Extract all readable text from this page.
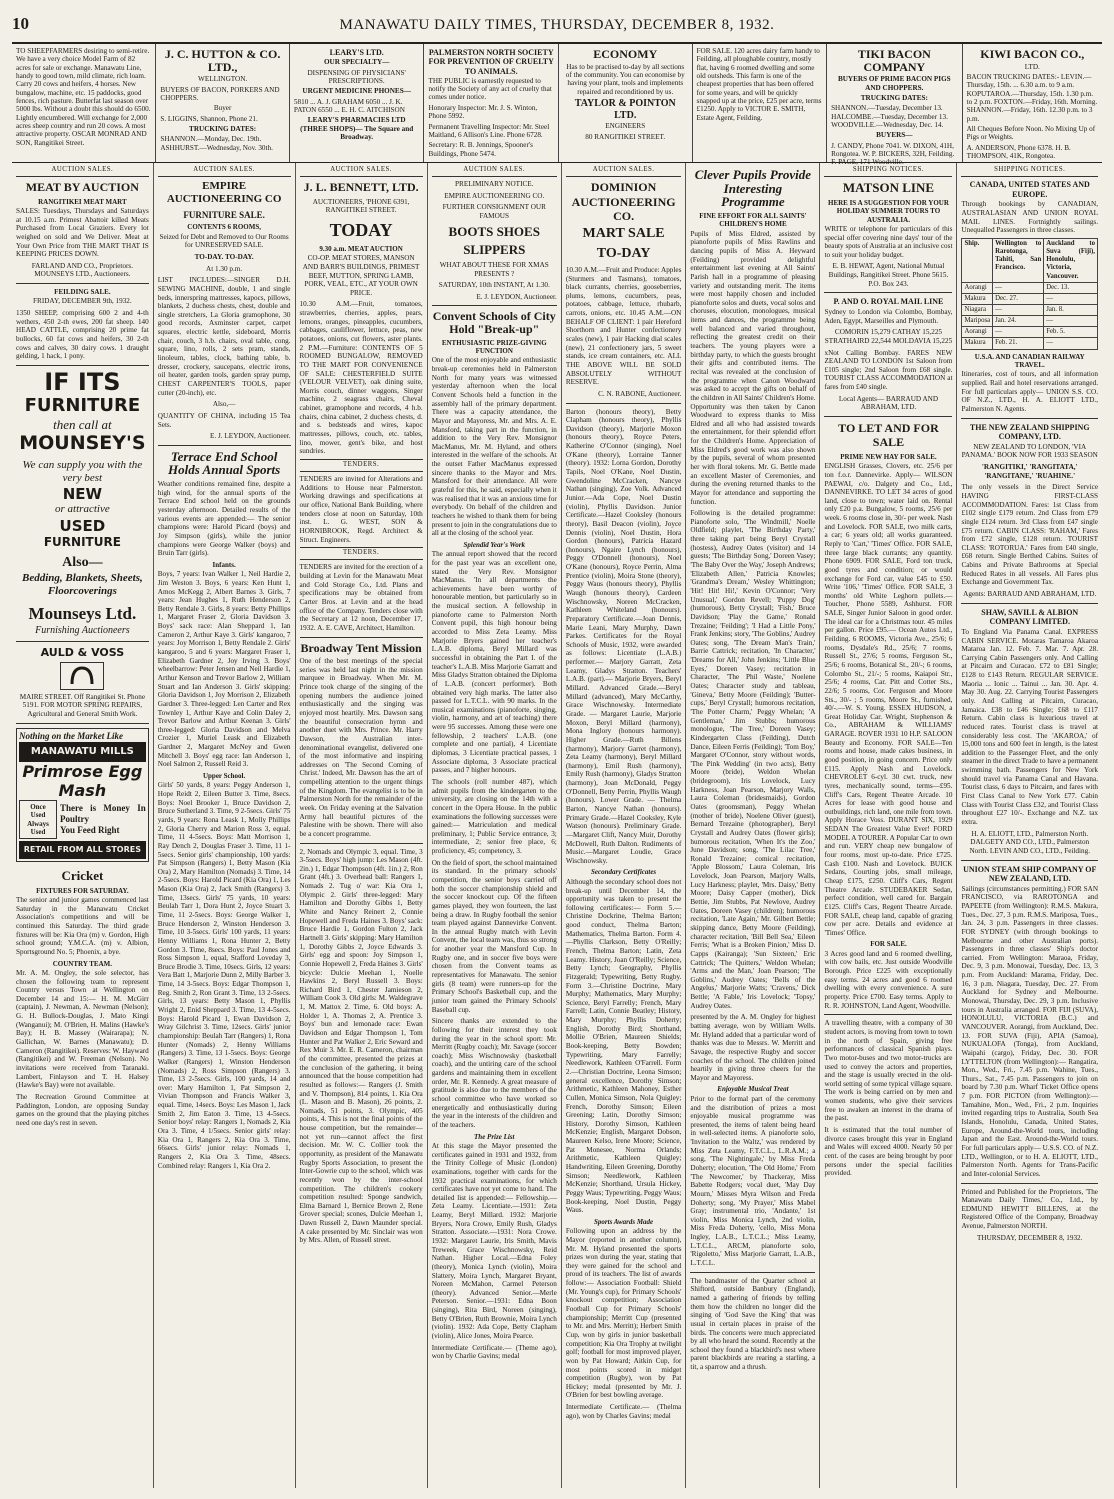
10	MANAWATU DAILY TIMES, THURSDAY, DECEMBER 8, 1932.

TO SHEEPFARMERS desiring to semi-retire. We have a very choice Model Farm of 82 acres for sale or exchange. Manawatu Line, handy to good town, mild climate, rich loam. Carry 20 cows and heifers, 4 horses. New bungalow, machine, etc. 15 paddocks, good fences, rich pasture. Butterfat last season over 5000 lbs. Without a doubt this should do 6500. Lightly encumbered. Will exchange for 2,000 acres sheep country and run 20 cows. A most attractive property. OSCAR MONRAD AND SON, Rangitikei Street.

J. C. HUTTON & CO. LTD.,

WELLINGTON.

BUYERS OF BACON, PORKERS AND CHOPPERS.

Buyer

S. LIGGINS, Shannon, Phone 21.

TRUCKING DATES:

SHANNON.—Monday, Dec. 19th. ASHHURST.—Wednesday, Nov. 30th.

LEARY'S LTD.

OUR SPECIALTY—

DISPENSING OF PHYSICIANS' PRESCRIPTIONS.

URGENT MEDICINE PHONES—

5810 ... A. J. GRAHAM 6050 ... J. K. PATON 6550 ... E. H. C. AITCHISON

LEARY'S PHARMACIES LTD (THREE SHOPS)— The Square and Broadway.

PALMERSTON NORTH SOCIETY FOR PREVENTION OF CRUELTY TO ANIMALS.

THE PUBLIC is earnestly requested to notify the Society of any act of cruelty that comes under notice.

Honorary Inspector: Mr. J. S. Winton, Phone 5992.

Permanent Travelling Inspector: Mr. Steel Maitland, 6 Allison's Line. Phone 6728.

Secretary: R. B. Jennings, Spooner's Buildings, Phone 5474.

ECONOMY

Has to be practised to-day by all sections of the community. You can economise by having your plant, tools and implements repaired and reconditioned by us.

TAYLOR & POINTON LTD.

ENGINEERS

80 RANGITIKEI STREET.

FOR SALE. 120 acres dairy farm handy to Feilding, all ploughable country, mostly flat, having 6 roomed dwelling and some old outsheds. This farm is one of the cheapest properties that has been offered for some years, and will be quickly snapped up at the price, £25 per acre, terms £1250. Apply to VICTOR E. SMITH, Estate Agent, Feilding.

TIKI BACON COMPANY

BUYERS OF PRIME BACON PIGS AND CHOPPERS.

TRUCKING DATES:

SHANNON.—Tuesday, December 13. HALCOMBE.—Tuesday, December 13. WOODVILLE.—Wednesday, Dec. 14.

BUYERS—

J. CANDY, Phone 7041. W. DIXON, 41H, Rongotea. W. P. BICKERS, 32H, Feilding. F. PAGE, 171 Woodville.

KIWI BACON CO.,

LTD.

BACON TRUCKING DATES:- LEVIN.—Thursday, 15th. ... 6.30 a.m. to 9 a.m. KOPUTAROA.—Thursday, 15th. 1.30 p.m. to 2 p.m. FOXTON.—Friday, 16th. Morning. SHANNON.—Friday, 16th. 12.30 p.m. to 3 p.m.

All Cheques Before Noon. No Mixing Up of Pigs or Weights.

A. ANDERSON, Phone 6378. H. B. THOMPSON, 41K, Rongotea.

AUCTION SALES.
MEAT BY AUCTION
RANGITIKEI MEAT MART

SALES: Tuesdays, Thursdays and Saturdays at 10.15 a.m. Primest Abattoir killed Meats Purchased from Local Graziers. Every lot weighed on sold and We Deliver. Meat at Your Own Price from THE MART THAT IS KEEPING PRICES DOWN.

FARLAND AND CO., Proprietors. MOUNSEYS LTD., Auctioneers.

FEILDING SALE.

FRIDAY, DECEMBER 9th, 1932.

1350 SHEEP, comprising 600 2 and 4-th wethers, 450 2-th ewes, 200 fat sheep. 140 HEAD CATTLE, comprising 20 prime fat bullocks, 60 fat cows and heifers, 30 2-th cows and calves, 30 dairy cows. 1 draught gelding, 1 hack, 1 pony.

IF ITS
FURNITURE
then call at
MOUNSEY'S
We can supply you with the very best
NEW
or attractive
USED
FURNITURE
Also—
Bedding, Blankets, Sheets, Floorcoverings
Mounseys Ltd.
Furnishing Auctioneers
AULD & VOSS

MAIRE STREET. Off Rangitikei St. Phone 5191. FOR MOTOR SPRING REPAIRS, Agricultural and General Smith Work.

Nothing on the Market Like
MANAWATU MILLS
Primrose Egg Mash
Once Used Always Used
There is Money In Poultry
You Feed Right
RETAIL FROM ALL STORES
Cricket
FIXTURES FOR SATURDAY.

The senior and junior games commenced last Saturday in the Manawatu Cricket Association's competitions and will be continued this Saturday. The third grade fixtures will be: Kia Ora (m) v. Gordon, High school ground; Y.M.C.A. (m) v. Albion, Sportsground No. 5; Phoenix, a bye.

COUNTRY TEAM.

Mr. A. M. Ongley, the sole selector, has chosen the following team to represent Country versus Town at Wellington on December 14 and 15:— H. M. McGirr (captain), J. Newman, A. Newman (Nelson); G. H. Bullock-Douglas, J. Mato Kingi (Wanganui); M. O'Brien, H. Malins (Hawke's Bay); H. B. Massey (Wairarapa); N. Gallichan, W. Barnes (Manawatu); D. Cameron (Rangitikei). Reserves: W. Hayward (Rangitikei) and W. Freeman (Nelson). No invitations were received from Taranaki. Lambert, Finlayson and T. H. Halsey (Hawke's Bay) were not available.

The Recreation Ground Committee at Paddington, London, are opposing Sunday games on the ground that the playing pitches need one day's rest in seven.

AUCTION SALES.
EMPIRE AUCTIONEERING CO
FURNITURE SALE.
CONTENTS 6 ROOMS,

Seized for Debt and Removed to Our Rooms for UNRESERVED SALE.

TO-DAY. TO-DAY.

At 1.30 p.m.

LIST INCLUDES:—SINGER D.H. SEWING MACHINE, double, 1 and single beds, innerspring mattresses, kapocs, pillows, blankets, 2 duchess chests, chest, double and single stretchers, La Gloria gramophone, 30 good records, Axminster carpet, carpet squares, electric kettle, sideboard, Morris chair, couch, 3 h.b. chairs, oval table, cong. square, lino, rolls, 2 sets pram, stands, linoleum, tables, clock, bathing table, b. dresser, crockery, saucepans, electric irons, oil heater, garden tools, garden spray pump, CHEST CARPENTER'S TOOLS, paper cutter (20-inch), etc.

Also,—

QUANTITY OF CHINA, including 15 Tea Sets.

E. J. LEYDON, Auctioneer.

Terrace End School Holds Annual Sports

Weather conditions remained fine, despite a high wind, for the annual sports of the Terrace End school held on the grounds yesterday afternoon. Detailed results of the various events are appended:— The senior champions were: Harold Picard (boys) and Joy Simpson (girls), while the junior champions were George Walker (boys) and Bruin Tarr (girls).

Infants.

Boys, 7 years: Ivan Walker 1, Neil Hardie 2, Jim Weston 3. Boys, 6 years: Ken Hunt 1, Amos McKegg 2, Albert Barnes 3. Girls, 7 years: Jean Hughes 1, Ruth Henderson 2, Betty Rendale 3. Girls, 8 years: Betty Phillips 1, Margaret Fraser 2, Gloria Davidson 3. Boys' sack race: Alan Sheppard 1, Ian Cameron 2, Arthur Kaye 3. Girls' kangaroo, 7 years: Joy Morrison 1, Betty Rendale 2. Girls' kangaroo, 5 and 6 years: Margaret Fraser 1, Elizabeth Gardner 2, Joy Irving 3. Boys' wheelbarrow: Peter Jensen and Neil Hardie 1, Arthur Kenson and Trevor Barlow 2, William Stuart and Ian Anderson 3. Girls' skipping: Gloria Davidson 1, Joy Morrison 2, Elizabeth Gardner 3. Three-legged: Len Carter and Rex Townley 1, Arthur Kaye and Colin Daley 2, Trevor Barlow and Arthur Keenan 3. Girls' three-legged: Gloria Davidson and Melva Crozier 1, Muriel Leask and Elizabeth Gardner 2, Margaret McNey and Gwen Mitchell 3. Boys' egg race: Ian Anderson 1, Noel Salmon 2, Russell Reid 3.

Upper School.

Girls' 50 yards, 8 years: Peggy Anderson 1, Hope Reidt 2, Eileen Butter 3. Time, 8secs. Boys: Noel Brooker 1, Bruce Davidson 2, Bruce Sutherland 3. Time, 9 2-5secs. Girls' 75 yards, 9 years: Rona Leask 1, Molly Phillips 2, Gloria Cherry and Marion Ross 3, equal. Time, 11 4-5secs. Boys: Matt Morrison 1, Ray Dench 2, Douglas Fraser 3. Time, 11 1-5secs. Senior girls' championship, 100 yards: Pat Simpson (Rangers) 1, Betty Mason (Kia Ora) 2, Mary Hamilton (Nomads) 3. Time, 14 2-5secs. Boys: Harold Picard (Kia Ora) 1, Les Mason (Kia Ora) 2, Jack Smith (Rangers) 3. Time, 13secs. Girls' 75 yards, 10 years: Beulah Tarr 1, Dora Hunt 2, Joyce Stuart 3. Time, 11 2-5secs. Boys: George Walker 1, Bruce Henderson 2, Winston Henderson 3. Time, 10 3-5secs. Girls' 100 yards, 11 years: Henny Williams 1, Rona Hunter 2, Betty Gordon 3. Time, 8secs. Boys: Paul Jones and Ross Simpson 1, equal, Stafford Loveday 3, Bruce Brodie 3. Time, 10secs. Girls, 12 years: Vera Batt 1, Marjorie Dunn 2, Milly Barber 3. Time, 14 3-5secs. Boys: Edgar Thompson 1, Reg. Smith 2, Ron Grant 3. Time, 13 2-5secs. Girls, 13 years: Betty Mason 1, Phyllis Wright 2, Enid Sheppard 3. Time, 13 4-5secs. Boys: Harold Picard 1, Ewan Davidson 2, Wray Gilchrist 3. Time, 12secs. Girls' junior championship: Beulah Tarr (Rangers) 1, Rona Hunter (Nomads) 2, Henny Williams (Rangers) 3. Time, 13 1-5secs. Boys: George Walker (Rangers) 1, Winston Henderson (Nomads) 2, Ross Simpson (Rangers) 3. Time, 13 2-5secs. Girls, 100 yards, 14 and over: Mary Hamilton 1, Pat Simpson 2, Vivian Thompson and Francis Walker 3, equal. Time, 14secs. Boys: Les Mason 1, Jack Smith 2, Jim Eaton 3. Time, 13 4-5secs. Senior boys' relay: Rangers 1, Nomads 2, Kia Ora 3. Time, 4 1/5secs. Senior girls' relay: Kia Ora 1, Rangers 2, Kia Ora 3. Time, 66secs. Girls' junior relay: Nomads 1, Rangers 2, Kia Ora 3. Time, 48secs. Combined relay: Rangers 1, Kia Ora 2.

AUCTION SALES.
J. L. BENNETT, LTD.

AUCTIONEERS, 'PHONE 6391, RANGITIKEI STREET.

TODAY
9.30 a.m. MEAT AUCTION

CO-OP. MEAT STORES, MANSON AND BARR'S BUILDINGS, PRIMEST BEEF, MUTTON, SPRING LAMB, PORK, VEAL, ETC., AT YOUR OWN PRICE.

10.30 A.M.—Fruit, tomatoes, strawberries, cherries, apples, pears, lemons, oranges, pineapples, cucumbers, cabbages, cauliflower, lettuce, peas, new potatoes, onions, cut flowers, aster plants. 2 P.M.—Furniture: CONTENTS OF 5 ROOMED BUNGALOW, REMOVED TO THE MART FOR CONVENIENCE OF SALE: CHESTERFIELD SUITE (VELOUR VELVET), oak dining suite, Morris couch, dinner waggons, Singer machine, 2 seagrass chairs, Cheval cabinet, gramophone and records, 4 h.b. chairs, china cabinet, 2 duchess chests, d. and s. bedsteads and wires, kapoc mattresses, pillows, couch, etc. tables, lino, mower, gent's bike, and host sundries.

TENDERS.

TENDERS are invited for Alterations and Additions to House near Palmerston. Working drawings and specifications at our office, National Bank Building, where tenders close at noon on Saturday, 10th inst. L. G. WEST, SON & HORNIBROOK, Regd. Architect & Struct. Engineers.

TENDERS.

TENDERS are invited for the erection of a building at Levin for the Manawatu Meat and Cold Storage Co., Ltd. Plans and specifications may be obtained from Carter Bros. at Levin and at the head office of the Company. Tenders close with the Secretary at 12 noon, December 17, 1932. A. E. CAVE, Architect, Hamilton.

Broadway Tent Mission

One of the best meetings of the special series was held last night in the mission marquee in Broadway. When Mr. M. Prince took charge of the singing of the opening numbers the audience joined enthusiastically and the singing was enjoyed most heartily. Mrs. Dawson sang the beautiful consecration hymn and another duet with Mrs. Prince. Mr. Harry Dawson, the Australian inter-denominational evangelist, delivered one of the most informative and inspiring addresses on 'The Second Coming of Christ.' Indeed, Mr. Dawson has the art of compelling attention to the urgent things of the Kingdom. The evangelist is to be in Palmerston North for the remainder of the week. On Friday evening at the Salvation Army hall beautiful pictures of the Palestine with be shown. There will also be a concert programme.

2, Nomads and Olympic 3, equal. Time, 3 3-5secs. Boys' high jump: Les Mason (4ft. 2in.) 1, Edgar Thompson (4ft. 1in.) 2, Ron Grant (4ft.) 3. Overhead ball: Rangers 1, Nomads 2. Tug o' war: Kia Ora 1, Olympic 2. Girls' three-legged: Mary Hamilton and Dorothy Gibbs 1, Betty White and Nancy Reinert 2, Connie Hopewell and Freda Haines 3. Boys' sack: Bruce Hardie 1, Gordon Fulton 2, Jack Hartnell 3. Girls' skipping: Mary Hamilton 1, Dorothy Gibbs 2, Joyce Edwards 3. Girls' egg and spoon: Joy Simpson 1, Connie Hopewell 2, Freda Haines 3. Girls' bicycle: Dulcie Meehan 1, Noelle Hawkins 2, Beryl Russell 3. Boys: Richard Bird 1, Chester Jamieson 2, William Cook 3. Old girls: M. Waldegrave 1, M. Mattox 2. Time, 6. Old boys: A. Holder 1, A. Thomas 2, A. Prentice 3. Boys' bun and lemonade race: Ewan Davidson and Edgar Thompson 1, Tom Hunter and Pat Walker 2, Eric Seward and Rex Muir 3. Mr. E. R. Cameron, chairman of the committee, presented the prizes at the conclusion of the gathering, it being announced that the house competition had resulted as follows:— Rangers (J. Smith and V. Thompson), 814 points, 1. Kia Ora (L. Mason and B. Mason), 26 points, 2. Nomads, 51 points, 3. Olympic, 405 points, 4. This is not the final points of the house competition, but the remainder—not yet run—cannot affect the first decision. Mr. W. C. Collier took the opportunity, as president of the Manawatu Rugby Sports Association, to present the Inter-Gowrie cup to the school, which was recently won by the inter-school competition. The children's cookery competition resulted: Sponge sandwich, Elma Barnard 1, Bernice Brown 2, Rene Grover special; scones, Dulcie Meehan 1, Dawn Russell 2, Dawn Maunder special. A cake presented by Mr. Sinclair was won by Mrs. Allen, of Russell street.

AUCTION SALES.

PRELIMINARY NOTICE.

EMPIRE AUCTIONEERING CO.

FURTHER CONSIGNMENT OUR FAMOUS

BOOTS SHOES
SLIPPERS

WHAT ABOUT THESE FOR XMAS PRESENTS ?

SATURDAY, 10th INSTANT, At 1.30.

E. J. LEYDON, Auctioneer.

Convent Schools of City Hold "Break-up"
ENTHUSIASTIC PRIZE-GIVING FUNCTION

One of the most enjoyable and enthusiastic break-up ceremonies held in Palmerston North for many years was witnessed yesterday afternoon when the local Convent Schools held a function in the assembly hall of the primary department. There was a capacity attendance, the Mayor and Mayoress, Mr. and Mrs. A. E. Mansford, taking part in the function, in addition to the Very Rev. Monsignor MacManus, Mr. M. Hyland, and others interested in the welfare of the schools. At the outset Father MacManus expressed sincere thanks to the Mayor and Mrs. Mansford for their attendance. All were grateful for this, he said, especially when it was realised that it was an anxious time for everybody. On behalf of the children and teachers he wished to thank them for being present to join in the congratulations due to all at the closing of the school year.

Splendid Year's Work

The annual report showed that the record for the past year was an excellent one, stated the Very Rev. Monsignor MacManus. 'In all departments the achievements have been worthy of honourable mention, but particularly so in the musical section. A fellowship in pianoforte came to Palmerston North Convent pupil, this high honour being accorded to Miss Zeta Leamy. Miss Marjorie Bryers gained her teacher's L.A.B. diploma, Beryl Millard was successful in obtaining the Part I. of the teacher's L.A.B. Miss Marjorie Garratt and Miss Gladys Stratton obtained the Diploma of L.A.B. (concert performer). Both obtained very high marks. The latter also passed for L.T.C.L. with 90 marks. In the musical examinations (pianoforte, singing, violin, harmony, and art of teaching) there were 95 successes. Among these were one fellowship, 2 teachers' L.A.B. (one complete and one partial), 4 Licentiate diplomas, 3 Licentiate practical passes, 1 Associate diploma, 3 Associate practical passes, and 7 higher honours.

The schools (roll number 487), which admit pupils from the kindergarten to the university, are closing on the 14th with a concert in the Opera House. In the public examinations the following successes were gained:— Matriculation and medical preliminary, 1; Public Service entrance, 3; intermediate, 2; senior free place, 6; proficiency, 45; competency, 3.

On the field of sport, the school maintained its standard. In the primary schools' competition, the senior boys carried off both the soccer championship shield and the soccer knockout cup. Of the fifteen games played, they won fourteen, the last being a draw. In Rugby football the senior team played against Dannevirke Convent. In the annual Rugby match with Levin Convent, the local team was, thus so strong for another year the Mansford Cup. In Rugby one, and in soccer five boys were chosen from the Convent teams as representatives for Manawatu. The senior girls (8 team) were runners-up for the Primary School's Basketball cup, and the junior team gained the Primary Schools' Baseball cup.

Sincere thanks are extended to the following for their interest they took during the year in the school sport: Mr. Merritt (Rugby coach); Mr. Savage (soccer coach); Miss Wischnowsky (basketball coach), and the untiring care of the school gardens and maintaining them in excellent order, Mr. R. Kennedy. A great measure of gratitude is also due to the members of the school committee who have worked so energetically and enthusiastically during the year in the interests of the children and of the teachers.

The Prize List

At this stage the Mayor presented the certificates gained in 1931 and 1932, from the Trinity College of Music (London) examinations, together with cards for the 1932 practical examinations, for which certificates have not yet come to hand. The detailed list is appended:— Fellowship.—Zeta Leamy. Licentiate.—1931: Zeta Leamy, Beryl Millard. 1932: Marjorie Bryers, Nora Crowe, Emily Rush, Gladys Stratton. Associate.—1931: Nora Crowe. 1932: Margaret Laurie, Iris Smith, Mavis Treweek, Grace Wischnowsky, Reid Nathan. Higher Local.—Edna Foley (theory), Monica Lynch (violin), Moira Slattery, Moira Lynch, Margaret Bryant, Noreen McMahon, Carmel Peterson (theory). Advanced Senior.—Merle Peterson. Senior.—1931: Edna Boon (singing), Rita Bird, Noreen (singing), Betty O'Brien, Ruth Brownie, Moira Lynch (violin). 1932: Ada Cope, Betty Clapham (violin), Alice Jones, Moira Pearce.

Intermediate Certificate.— (Theme ago), won by Charlie Gavins; medal

AUCTION SALES.
DOMINION AUCTIONEERING CO.
MART SALE
TO-DAY

10.30 A.M.—Fruit and Produce: Apples (Sturmers and Tasmans), tomatoes, black currants, cherries, gooseberries, plums, lemons, cucumbers, peas, potatoes, cabbage, lettuce, rhubarb, carrots, onions, etc. 10.45 A.M.—ON BEHALF OF CLIENT: 1 pair Hereford Shorthorn and Hunter confectionery scales (new), 1 pair Hacking dial scales (new), 21 confectionery jars, 5 sweet stands, ice cream containers, etc. ALL THE ABOVE WILL BE SOLD ABSOLUTELY WITHOUT RESERVE.

C. N. RABONE, Auctioneer.

Barton (honours theory), Betty Clapham (honours theory), Phyllis Davidson (theory), Marjorie Moxon (honours theory), Royce Peters, Katherine O'Connor (singing), Noel O'Kane (theory), Lorraine Tanner (theory). 1932: Lorna Gordon, Dorothy Tapils, Noel O'Kane, Noel Dustin, Gwendoline McCracken, Nancye Nathan (singing), Zoe Volk. Advanced Junior.—Ada Cope, Noel Dustin (violin), Phyllis Davidson. Junior Certificate.—Hazel Cooksley (honours theory), Basil Deacon (violin), Joyce Dennis (violin), Noel Dustin, Hora Gordon (honours), Patricia Hazard (honours), Ngaire Lynch (honours), Peggy O'Donnell (honours), Noel O'Kane (honours), Royce Perrin, Alma Prentice (violin), Moira Stone (theory), Peggy Waus (honours theory), Phyllis Waugh (honours theory), Cardeen Wischnowsky, Noreen McCracken, Kathleen Whiteland (honours). Preparatory Certificate.—Joan Dennis, Marie Leani, Mary Murphy, Dawn Parkes. Certificates for the Royal Schools of Music, 1932, were awarded as follows: Licentiate (L.A.B.) performer.— Marjory Garratt, Zeta Leamy, Gladys Stratton. Teachers' L.A.B. (part).— Marjorie Bryers, Beryl Millard. Advanced Grade.—Beryl Millard (advanced), Mary McCarthy, Grace Wischnowsky. Intermediate Grade. — Margaret Laurie, Marjorie Moxon, Beryl Millard (harmony), Mona Inglory (honours harmony). Higher Grade.—Ruth Billens (harmony), Marjory Garret (harmony), Zeta Leamy (harmony), Beryl Millard (harmony), Emil Rush (harmony), Emily Rush (harmony), Gladys Stratton (harmony), Joan McDonald, Peggy O'Donnell, Betty Perrin, Phyllis Waugh (honours). Lower Grade. — Thelma Barton, Nancye Nathan (honours). Primary Grade.—Hazel Cooksley, Kyle Watson (honours). Preliminary Grade.—Margaret Clift, Nancy Muir, Dorothy McDowell, Ruth Dalton. Rudiments of Music.—Margaret Loudie, Grace Wischnowsky.

Secondary Certificates

Although the secondary school does not break-up until December 14, the opportunity was taken to present the following certificates:— Form 5.—Christine Dockrine, Thelma Barton; good conduct, Thelma Barton; Mathematics, Thelma Barton. Form 4.—Phyllis Clarkson, Betty O'Reilly; French, Thelma Barton; Latin, Zeta Leamy. History, Joan O'Reilly; Science, Betty Lynch; Geography, Phyllis Fitzgerald; Typewriting, Betty Rugby. Form 3.—Christine Doctrine, Mary Murphy; Mathematics, Mary Murphy; Science, Beryl Farrelly; French, Mary Farrell; Latin, Connie Beatley; History, Mary Murphy; Phyllis Doherty; English, Dorothy Bird; Shorthand, Mollie O'Brien, Maureen Shields; Book-keeping, Betty Bowden; Typewriting, Mary Farrelly; Needlework, Kathleen O'Farrell. Form 2.—Christian Doctrine, Leona Simson; general excellence, Dorothy Simson; Arithmetic, Kathleen Mahoney, Esther Cullen, Monica Simson, Nola Quigley; French, Dorothy Simson; Eileen Greening; Latin, Dorothy Simson; History, Dorothy Simson, Kathleen McKenzie; English, Margaret Dobson, Maureen Kelso, Irene Moore; Science, Pat Monesee, Norma Orlands; Arithmetic, Kathleen Quigley; Handwriting, Eileen Greening, Dorothy Simson; Needlework, Kathleen McKenzie; Shorthand, Ursula Hickey, Peggy Waus; Typewriting, Peggy Waus; Book-keeping, Noel Dustin, Peggy Waus.

Sports Awards Made

Following upon an address by the Mayor (reported in another column), Mr. M. Hyland presented the sports prizes won during the year, stating that they were gained for the school and proud of its teachers. The list of awards follow:— Association Football: Shield (Mr. Young's cup), for Primary Schools' knockout competition; Association Football Cup for Primary Schools' championship; Merritt Cup (presented to Mr. and Mrs. Merritt); Herbert Smith Cup, won by girls in junior basketball competition; Kia Ora Trophy at twilight golf; football for most improved player, won by Pat Howard; Aitkin Cup, for most points scored in midget competition (Rugby), won by Pat Hickey; medal (presented by Mr. J. O'Brien for best bowling average.

Intermediate Certificate.— (Thelma ago), won by Charles Gavins; medal

Clever Pupils Provide Interesting Programme
FINE EFFORT FOR ALL SAINTS' CHILDREN'S HOME

Pupils of Miss Eldred, assisted by pianoforte pupils of Miss Rawlins and dancing pupils of Miss A. Heyward (Feilding) provided delightful entertainment last evening at All Saints' Parish hall in a programme of pleasing variety and outstanding merit. The items were most happily chosen and included pianoforte solos and duets, vocal solos and choruses, elocution, monologues, musical items and dances, the programme being well balanced and varied throughout, reflecting the greatest credit on their teachers. The young players were a birthday party, to which the guests brought their gifts and contributed items. The recital was revealed at the conclusion of the programme when Canon Woodward was asked to accept the gifts on behalf of the children in All Saints' Children's Home. Opportunity was then taken by Canon Woodward to express thanks to Miss Eldred and all who had assisted towards the entertainment, for their splendid effort for the Children's Home. Appreciation of Miss Eldred's good work was also shown by the pupils, several of whom presented her with floral tokens. Mr. G. Bettle made an excellent Master of Ceremonies, and during the evening returned thanks to the Mayor for attendance and supporting the function.

Following is the detailed programme: Pianoforte solo, 'The Windmill,' Noelle Oldfield; playlet, 'The Birthday Party,' three taking part being Beryl Crystall (hostess), Audrey Oates (visitor) and 14 guests; 'The Birthday Song,' Doreen Vasey; 'The Baby Over the Way,' Joseph Andrews; 'Elizabeth Allen,' Patricia Knowles; 'Grandma's Dream,' Wesley Whittington; 'Hit! Hit! Hi!,' Kevin O'Connor; 'Very Unusual,' Gordon Revell; 'Puppy Dog' (humorous), Betty Crystall; 'Fish,' Bruce Davidson; 'Play the Game,' Ronald Trezaine; 'Feilding'; 'I Had a Little Pony,' Frank Jenkins; story, 'The Goblins,' Audrey Oates; song, 'The Dream Man's Train,' Barrie Cattrick; recitation, 'In Character,' 'Dreams for All,' John Jenkins; 'Little Blue Eyes,' Doreen Vasey; recitation in Character, 'The Phil Waste,' Noelene Oates; Character study and tableau, 'Gineva,' Betty Moore (Feilding); 'Butter-cups,' Beryl Crystall; humorous recitation, 'The Potter Charm,' Peggy Whelan; 'A Gentleman,' Jim Stubbs; humorous monologue, 'The Tree,' Doreen Vasey; Kindergarten Class (Feilding), Dutch Dance, Eileen Ferris (Feilding); 'Tom Boy,' Margaret O'Connor, story without words, 'The Pink Wedding' (in two acts), Betty Moore (bride), Weldon Whelan (bridegroom), Iris Lovelock, Lucy Harkness, Joan Pearson, Marjory Walls, Laura Coleman (bridesmaids), Gordon Oates (groomsman), Peggy Whelan (mother of bride), Noelene Oliver (guest), Bernard Trezaine (photographer), Beryl Crystall and Audrey Oates (flower girls); humorous recitation, 'When It's the Zoo,' June Davidson; song, 'The Lilac Tree,' Ronald Trezaine; comical recitation, 'Apple Blossom,' Laura Coleman, Iris Lovelock, Joan Pearson, Marjory Walls, Lucy Harkness; playlet, 'Mrs. Daisy,' Betty Moore; Daisy Capper (mother), Dick Bettie, Jim Stubbs, Pat Newlove, Audrey Oates, Doreen Vasey (children); humorous recitation, 'Late Again,' Mr. Gilbert Bettle; skipping dance, Betty Moore (Feilding), character recitation, 'Bill Bell Sea,' Eileen Ferris; 'What is a Broken Pinion,' Miss D. Capps (Kairanga); 'Sun Sixteen,' Eric Cattrick; 'The Quitters,' Weldon Whelan; 'Arms and the Man,' Joan Pearson; 'The Goblins,' Audrey Oates; 'Bells of the Angelus,' Marjorie Watts; 'Cravens,' Dick Bettle; 'A Fable,' Iris Lovelock; 'Topsy,' Audrey Oates.

presented by the A. M. Ongley for highest batting average, won by William Wells. Mr. Hyland added that a particular word of thanks was due to Messrs. W. Merritt and Savage, the respective Rugby and soccer coaches of the school. The children joined heartily in giving three cheers for the Mayor and Mayoress.

Enjoyable Musical Treat

Prior to the formal part of the ceremony and the distribution of prizes a most enjoyable musical programme was presented, the items of talent being heard in well-selected items. A pianoforte solo, 'Invitation to the Waltz,' was rendered by Miss Zeta Leamy, F.T.C.L., L.R.A.M.; a song, 'The Nightingale,' by Miss Freda Doherty; elocution, 'The Old Home,' From 'The Newcomer,' by Thackeray, Miss Babette Rodgers; vocal duet, 'May Day Mourn,' Misses Myra Wilson and Freda Doherty; song, 'My Prayer,' Miss Mabel Gray; instrumental trio, 'Andante,' 1st violin, Miss Monica Lynch, 2nd violin, Miss Freda Doherty, 'cello, Miss Mona Ingley, L.A.B., L.T.C.L.; Miss Leamy, L.T.C.L., ARCM, pianoforte solo, 'Rigoletto,' Miss Marjorie Garratt, L.A.B., L.T.C.L.

The bandmaster of the Quarter school at Shiftord, outside Banbury (England), named a gathering of friends by telling them how the children no longer did the singing of 'God Save the King' that was usual in certain places in praise of the birds. The concerts were much appreciated by all who heard the sound. Recently at the school they found a blackbird's nest where parent blackbirds are rearing a starling, a tit, a sparrow and a thrush.

SHIPPING NOTICES.
MATSON LINE
HERE IS A SUGGESTION FOR YOUR HOLIDAY SUMMER TOURS TO AUSTRALIA.

WRITE or telephone for particulars of this special offer covering nine days' tour of the beauty spots of Australia at an inclusive cost to suit your holiday budget.

E. B. HEWAT, Agent, National Mutual Buildings, Rangitikei Street. Phone 5615. P.O. Box 243.

P. AND O. ROYAL MAIL LINE

Sydney to London via Colombo, Bombay, Aden, Egypt, Marseilles and Plymouth.

COMORIN 15,279 CATHAY 15,225 STRATHAIRD 22,544 MOLDAVIA 15,225

xNot Calling Bombay. FARES NEW ZEALAND TO LONDON 1st Saloon from £105 single; 2nd Saloon from £68 single. TOURIST CLASS ACCOMMODATION at fares from £40 single.

Local Agents— BARRAUD AND ABRAHAM, LTD.

TO LET AND FOR SALE
PRIME NEW HAY FOR SALE.

ENGLISH Grasses, Clovers, etc. 25/6 per ton f.o.r. Dannevirke. Apply— WILSON PAEWAI, c/o. Dalgety and Co., Ltd., DANNEVIRKE. TO LET 34 acres of good land, close to town; water laid on. Rental only £20 p.a. Bungalow, 5 rooms, 25/6 per week. 6 rooms close in, 30/- per week. Nash and Lovelock. FOR SALE, two milk carts, a car; 6 years old; all works guaranteed. Reply to 'Cart,' 'Times' Office. FOR SALE, three large black currants; any quantity. Phone 6909. FOR SALE, Ford ton truck, good tyres and condition; or would exchange for Ford car, value £45 to £50. Write '106,' 'Times' Office. FOR SALE, 3 months' old White Leghorn pullets.—Toucher, Phone 5589, Ashhurst. FOR SALE, Singer Junior Saloon in good order. The ideal car for a Christmas tour. 45 miles per gallon. Price £95.— Ocean Autos Ltd., Feilding. 6 ROOMS, Victoria Ave., 25/6; 6 rooms, Dysdale's Rd., 25/6; 7 rooms, Russell St., 27/6; 5 rooms, Ferguson St., 25/6; 6 rooms, Botanical St., 20/-; 6 rooms, Colombo St., 21/-; 5 rooms, Kaiapoi Str., 25/6; 4 rooms, Car. Pitt and Cotter Sts., 22/6; 5 rooms, Cor. Ferguson and Moore Sts., 30/- ; 5 rooms, Moore St., furnished, 40/-.—W. S. Young. ESSEX HUDSON, a Great Holiday Car. Wright, Stephenson & Co., ABRAHAM & WILLIAMS' GARAGE. ROVER 1931 10 H.P. SALOON Beauty and Economy. FOR SALE—Ten rooms and house, made cakes business, in good position, in going concern. Price only £115. Apply Nash and Lovelock. CHEVROLET 6-cyl. 30 cwt. truck, new tyres, mechanically sound, terms—£95. Cliff's Cars, Regent Theatre Arcade. 10 Acres for lease with good house and outbuildings, rich land, one mile from town. Apply Horace Voss. DURANT SIX, 1929 SEDAN The Greatest Value Ever! FORD MODEL A TOURER. A Popular Car to own and run. VERY cheap new bungalow of four rooms, most up-to-date. Price £725. Cash £100. Nash and Lovelock. BUICK Sedans, Courting jobs, small mileage, Cheap £175, £250. Cliff's Cars, Regent Theatre Arcade. STUDEBAKER Sedan, perfect condition, well cared for. Bargain £125. Cliff's Cars, Regent Theatre Arcade. FOR SALE, cheap land, capable of grazing cow per acre. Details and evidence at 'Times' Office.

FOR SALE.

3 Acres good land and 6 roomed dwelling, with cow bails, etc. Just outside Woodville Borough. Price £225 with exceptionally easy terms. 24 acres and good 6 roomed dwelling with every convenience. A sure property. Price £700. Easy terms. Apply to R. R. JOHNSTON, Land Agent, Woodville.

A travelling theatre, with a company of 30 student actors, is moving from town to town in the north of Spain, giving free performances of classical Spanish plays. Two motor-buses and two motor-trucks are used to convey the actors and properties, and the stage is usually erected in the old-world setting of some typical village square. The work is being carried on by men and women students, who give their services free to awaken an interest in the drama of the past.

It is estimated that the total number of divorce cases brought this year in England and Wales will exceed 4000. Nearly 50 per cent. of the cases are being brought by poor persons under the special facilities provided.

SHIPPING NOTICES.
CANADA, UNITED STATES AND EUROPE.

Through bookings by CANADIAN, AUSTRALASIAN AND UNION ROYAL MAIL LINES. Fortnightly sailings. Unequalled Passengers in three classes.

Ship.	Wellington to Rarotonga, Tahiti, San Francisco.	Auckland to Suva (Fiji), Honolulu, Victoria, Vancouver.
Aorangi	—	Dec. 13.
Makura	Dec. 27.	—
Niagara	—	Jan. 8.
Mariposa	Jan. 24.	—
Aorangi	—	Feb. 5.
Makura	Feb. 21.	—
U.S.A. AND CANADIAN RAILWAY TRAVEL.

Itineraries, cost of tours, and all information supplied. Rail and hotel reservations arranged. For full particulars apply— UNION S.S. CO. OF N.Z., LTD., H. A. ELIOTT LTD., Palmerston N. Agents.

THE NEW ZEALAND SHIPPING COMPANY, LTD.

NEW ZEALAND TO LONDON, 'VIA PANAMA.' BOOK NOW FOR 1933 SEASON

'RANGITIKI,' 'RANGITATA,' 'RANGITANE,' 'RUAHINE.'

The only vessels in the Direct Service HAVING FIRST-CLASS ACCOMMODATION. Fares: 1st Class from £102 single £179 return. 2nd Class from £79 single £124 return. 3rd Class from £47 single £75 return. CABIN CLASS: 'RAHAM,' Fares from £72 single, £128 return. TOURIST CLASS: 'ROTORUA.' Fares from £40 single, £68 return. Single Berthed Cabins. Suites of Cabins and Private Bathrooms at Special Reduced Rates in all vessels. All Fares plus Exchange and Government Tax.

Agents: BARRAUD AND ABRAHAM, LTD.

SHAW, SAVILL & ALBION COMPANY LIMITED.

To England Via Panama Canal. EXPRESS CABIN SERVICE. Motaras Tamaroa Akaroa Mataroa Jan. 12. Feb. 7. Mar. 7. Apr. 28. Carrying Cabin Passengers only. And Calling at Pitcairn and Curacao. £72 to £81 Single; £128 to £143 Return. REGULAR SERVICE. Maoria ... Ionic ... Tainui ... Jan. 30. Apr. 4. May 30. Aug. 22. Carrying Tourist Passengers only. And Calling at Pitcairn, Curacao, Jamaica. £38 to £46 Single; £68 to £117 Return. Cabin class is luxurious travel at reduced rates. Tourist class is travel at considerably less cost. The 'AKAROA,' of 15,000 tons and 600 feet in length, is the latest addition to the Passenger Fleet, and the only steamer in the direct Trade to have a permanent swimming bath. Passengers for New York should travel via Panama Canal and Havana. Tourist class, 6 days to Pitcairn, and fares with First Class Canal to New York £77. Cabin Class with Tourist Class £32, and Tourist Class throughout £27 10/-. Exchange and N.Z. tax extra.

H. A. ELIOTT, LTD., Palmerston North. DALGETY AND CO., LTD., Palmerston North. LEVIN AND CO., LTD., Feilding.

UNION STEAM SHIP COMPANY OF NEW ZEALAND, LTD.

Sailings (circumstances permitting.) FOR SAN FRANCISCO, via RAROTONGA and PAPEETE (from Wellington): R.M.S. Makura, Tues., Dec. 27, 3 p.m. R.M.S. Mariposa, Tues., Jan. 24, 3 p.m. Passengers in three classes. FOR SYDNEY (with through bookings to Melbourne and other Australian ports). Passengers in three classes' Ship's doctor carried. From Wellington: Maraoa, Friday, Dec. 9, 3 p.m. Monowai, Tuesday, Dec. 13, 3 p.m. From Auckland: Marama, Friday, Dec. 16, 3 p.m. Niagara, Tuesday, Dec. 27. From Auckland for Sydney and Melbourne. Monowai, Thursday, Dec. 29, 3 p.m. Inclusive tours in Australia arranged. FOR FIJI (SUVA), HONOLULU, VICTORIA (B.C.) and VANCOUVER. Aorangi, from Auckland, Dec. 13. FOR SUVA (Fiji), APIA (Samoa), NUKUALOFA (Tonga), from Auckland, Waipahi (cargo), Friday, Dec. 30. FOR LYTTELTON (from Wellington):— Rangatira, Mon., Wed., Fri., 7.45 p.m. Wahine, Tues., Thurs., Sat., 7.45 p.m. Passengers to join on board by 7.30 p.m. Wharf Ticket Office opens 7 p.m. FOR PICTON (from Wellington):— Tamahine, Mon., Wed., Fri., 2 p.m. Inquiries invited regarding trips to Australia, South Sea Islands, Honolulu, Canada, United States, Europe, Around-the-World tours, including Japan and the East. Around-the-World tours. For full particulars apply— U.S.S. CO. of N.Z. LTD., Wellington, or to H. A. ELIOTT, LTD., Palmerston North. Agents for Trans-Pacific and Inter-colonial Services.

Printed and Published for the Proprietors, 'The Manawatu Daily Times,' Co., Ltd., by EDMUND HEWITT BILLENS, at the Registered Office of the Company, Broadway Avenue, Palmerston NORTH.

THURSDAY, DECEMBER 8, 1932.
